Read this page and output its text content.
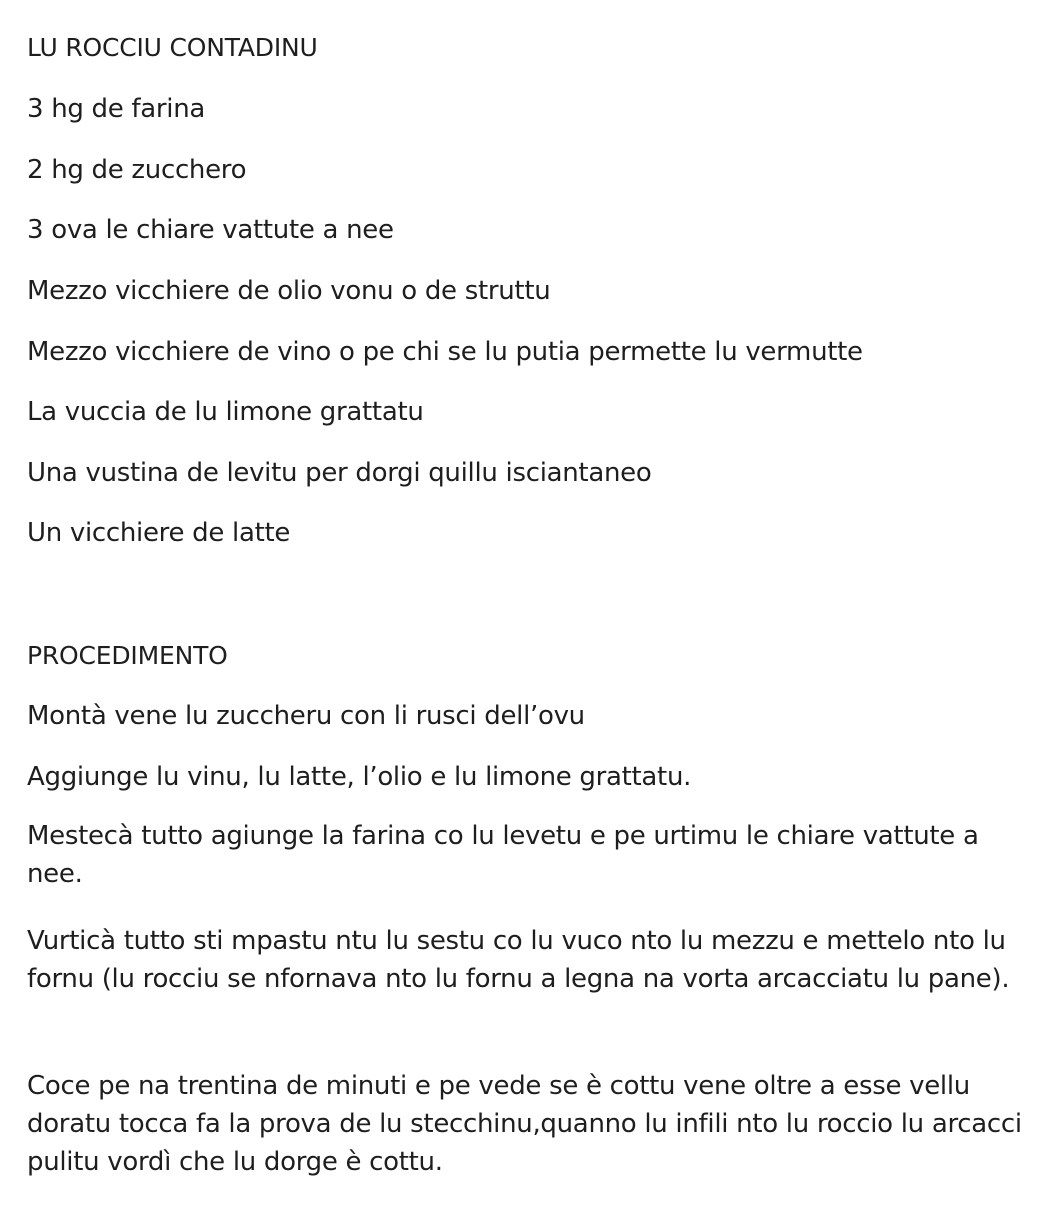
LU ROCCIU CONTADINU
3 hg de farina
2 hg de zucchero
3 ova le chiare vattute a nee
Mezzo vicchiere de olio vonu o de struttu
Mezzo vicchiere de vino o pe chi se lu putia permette lu vermutte
La vuccia de lu limone grattatu
Una vustina de levitu per dorgi quillu isciantaneo
Un vicchiere de latte
PROCEDIMENTO
Montà vene lu zuccheru con li rusci dell’ovu
Aggiunge lu vinu, lu latte, l’olio e lu limone grattatu.
Mestecà tutto agiunge la farina co lu levetu e pe urtimu le chiare vattute a nee.
Vurticà tutto sti mpastu ntu lu sestu co lu vuco nto lu mezzu e mettelo nto lu fornu (lu rocciu se nfornava nto lu fornu a legna na vorta arcacciatu lu pane).
Coce pe na trentina de minuti e pe vede se è cottu vene oltre a esse vellu doratu tocca fa la prova de lu stecchinu,quanno lu infili nto lu roccio lu arcacci pulitu vordì che lu dorge è cottu.
